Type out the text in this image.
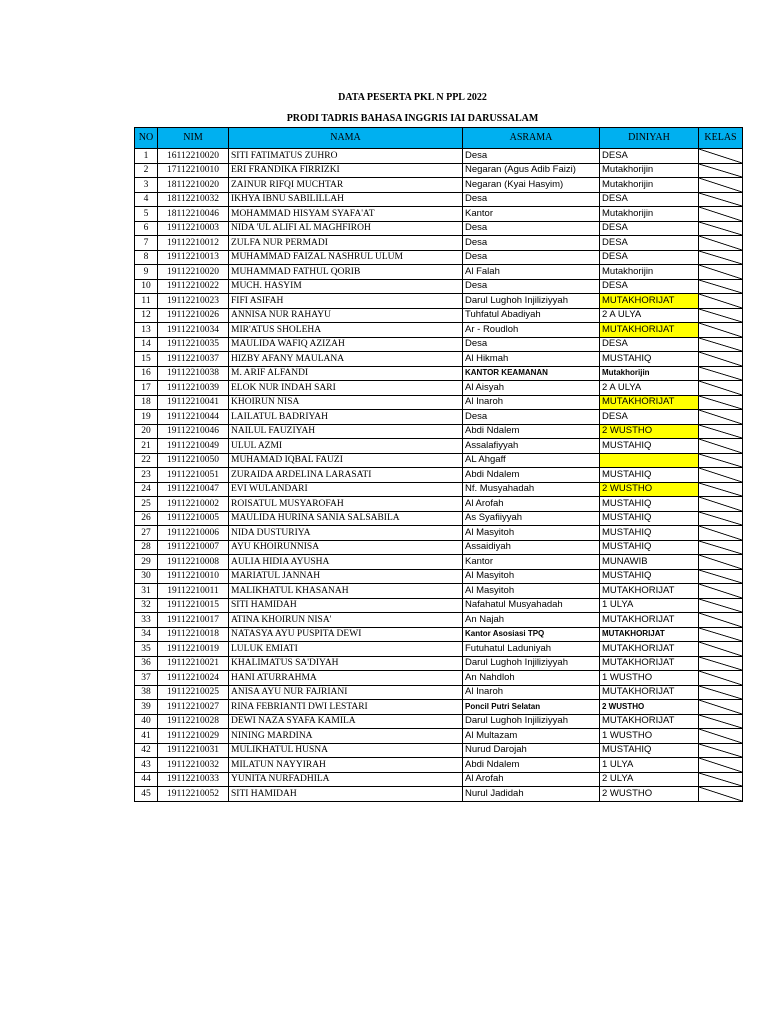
DATA PESERTA PKL N PPL 2022
PRODI TADRIS BAHASA INGGRIS IAI DARUSSALAM
NO	NIM	NAMA	ASRAMA	DINIYAH	KELAS
1	16112210020	SITI FATIMATUS ZUHRO	Desa	DESA	
2	17112210010	ERI FRANDIKA FIRRIZKI	Negaran (Agus Adib Faizi)	Mutakhorijin	
3	18112210020	ZAINUR RIFQI MUCHTAR	Negaran (Kyai Hasyim)	Mutakhorijin	
4	18112210032	IKHYA IBNU SABILILLAH	Desa	DESA	
5	18112210046	MOHAMMAD HISYAM SYAFA'AT	Kantor	Mutakhorijin	
6	19112210003	NIDA 'UL ALIFI AL MAGHFIROH	Desa	DESA	
7	19112210012	ZULFA NUR PERMADI	Desa	DESA	
8	19112210013	MUHAMMAD FAIZAL NASHRUL ULUM	Desa	DESA	
9	19112210020	MUHAMMAD FATHUL QORIB	Al Falah	Mutakhorijin	
10	19112210022	MUCH. HASYIM	Desa	DESA	
11	19112210023	FIFI ASIFAH	Darul Lughoh Injiliziyyah	MUTAKHORIJAT	
12	19112210026	ANNISA NUR RAHAYU	Tuhfatul Abadiyah	2 A ULYA	
13	19112210034	MIR'ATUS SHOLEHA	Ar - Roudloh	MUTAKHORIJAT	
14	19112210035	MAULIDA WAFIQ AZIZAH	Desa	DESA	
15	19112210037	HIZBY AFANY MAULANA	Al Hikmah	MUSTAHIQ	
16	19112210038	M. ARIF ALFANDI	KANTOR KEAMANAN	Mutakhorijin	
17	19112210039	ELOK NUR INDAH SARI	Al Aisyah	2 A ULYA	
18	19112210041	KHOIRUN NISA	Al Inaroh	MUTAKHORIJAT	
19	19112210044	LAILATUL BADRIYAH	Desa	DESA	
20	19112210046	NAILUL FAUZIYAH	Abdi Ndalem	2 WUSTHO	
21	19112210049	ULUL AZMI	Assalafiyyah	MUSTAHIQ	
22	19112210050	MUHAMAD IQBAL FAUZI	AL Ahgaff		
23	19112210051	ZURAIDA ARDELINA LARASATI	Abdi Ndalem	MUSTAHIQ	
24	19112210047	EVI WULANDARI	Nf. Musyahadah	2 WUSTHO	
25	19112210002	ROISATUL MUSYAROFAH	Al Arofah	MUSTAHIQ	
26	19112210005	MAULIDA HURINA SANIA SALSABILA	As Syafiiyyah	MUSTAHIQ	
27	19112210006	NIDA DUSTURIYA	Al Masyitoh	MUSTAHIQ	
28	19112210007	AYU KHOIRUNNISA	Assaidiyah	MUSTAHIQ	
29	19112210008	AULIA HIDIA AYUSHA	Kantor	MUNAWIB	
30	19112210010	MARIATUL JANNAH	Al Masyitoh	MUSTAHIQ	
31	19112210011	MALIKHATUL KHASANAH	Al Masyitoh	MUTAKHORIJAT	
32	19112210015	SITI HAMIDAH	Nafahatul Musyahadah	1 ULYA	
33	19112210017	ATINA KHOIRUN NISA'	An Najah	MUTAKHORIJAT	
34	19112210018	NATASYA AYU PUSPITA DEWI	Kantor Asosiasi TPQ	MUTAKHORIJAT	
35	19112210019	LULUK EMIATI	Futuhatul Laduniyah	MUTAKHORIJAT	
36	19112210021	KHALIMATUS SA'DIYAH	Darul Lughoh Injiliziyyah	MUTAKHORIJAT	
37	19112210024	HANI ATURRAHMA	An Nahdloh	1 WUSTHO	
38	19112210025	ANISA AYU NUR FAJRIANI	Al Inaroh	MUTAKHORIJAT	
39	19112210027	RINA FEBRIANTI DWI LESTARI	Poncil Putri Selatan	2 WUSTHO	
40	19112210028	DEWI NAZA SYAFA KAMILA	Darul Lughoh Injiliziyyah	MUTAKHORIJAT	
41	19112210029	NINING MARDINA	Al Multazam	1 WUSTHO	
42	19112210031	MULIKHATUL HUSNA	Nurud Darojah	MUSTAHIQ	
43	19112210032	MILATUN NAYYIRAH	Abdi Ndalem	1 ULYA	
44	19112210033	YUNITA NURFADHILA	Al Arofah	2 ULYA	
45	19112210052	SITI HAMIDAH	Nurul Jadidah	2 WUSTHO	
